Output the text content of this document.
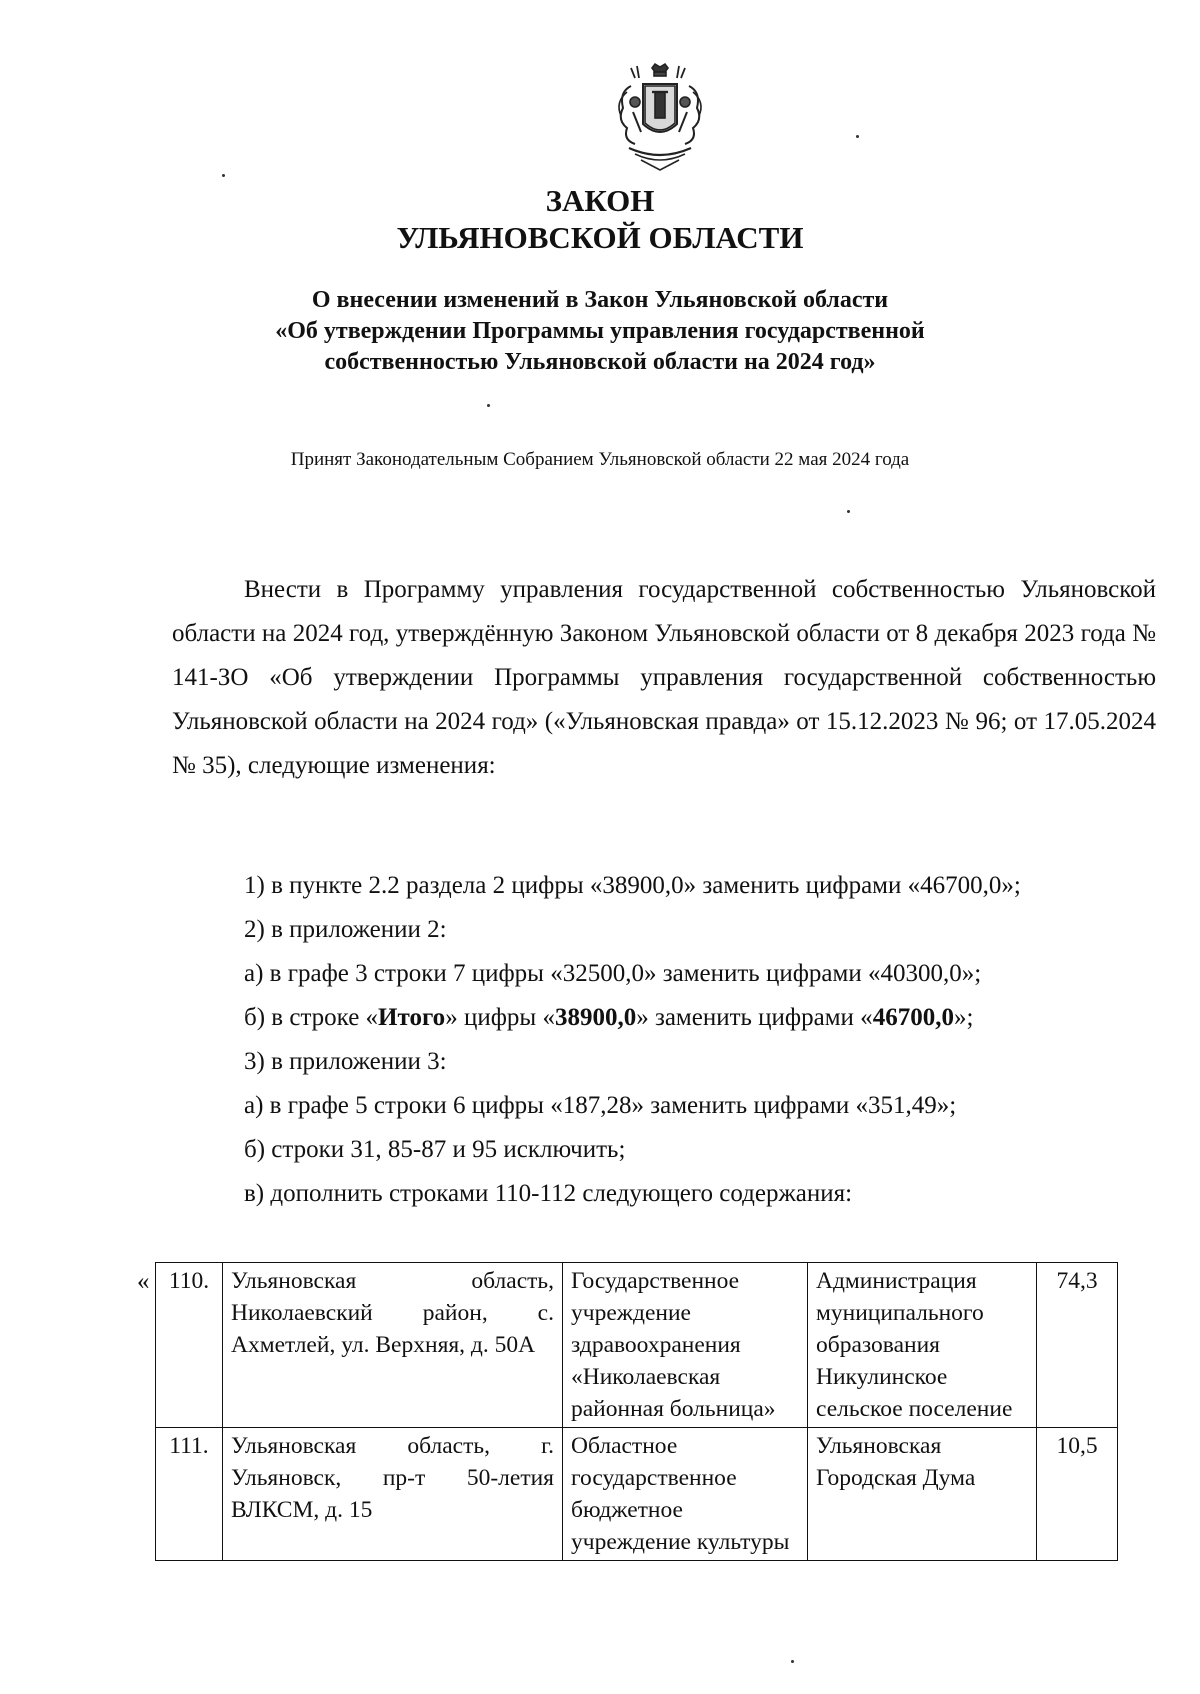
ЗАКОН
УЛЬЯНОВСКОЙ ОБЛАСТИ
О внесении изменений в Закон Ульяновской области
«Об утверждении Программы управления государственной
собственностью Ульяновской области на 2024 год»
Принят Законодательным Собранием Ульяновской области 22 мая 2024 года
Внести в Программу управления государственной собственностью Ульяновской области на 2024 год, утверждённую Законом Ульяновской области от 8 декабря 2023 года № 141-ЗО «Об утверждении Программы управления государственной собственностью Ульяновской области на 2024 год» («Ульяновская правда» от 15.12.2023 № 96; от 17.05.2024 № 35), следующие изменения:
1) в пункте 2.2 раздела 2 цифры «38900,0» заменить цифрами «46700,0»;
2) в приложении 2:
а) в графе 3 строки 7 цифры «32500,0» заменить цифрами «40300,0»;
б) в строке «Итого» цифры «38900,0» заменить цифрами «46700,0»;
3) в приложении 3:
а) в графе 5 строки 6 цифры «187,28» заменить цифрами «351,49»;
б) строки 31, 85-87 и 95 исключить;
в) дополнить строками 110-112 следующего содержания:
« 110.	Ульяновская область, Николаевский район, с. Ахметлей, ул. Верхняя, д. 50А	Государственное учреждение здравоохранения «Николаевская районная больница»	Администрация муниципального образования Никулинское сельское поселение	74,3
111.	Ульяновская область, г. Ульяновск, пр-т 50-летия ВЛКСМ, д. 15	Областное государственное бюджетное учреждение культуры	Ульяновская Городская Дума	10,5
